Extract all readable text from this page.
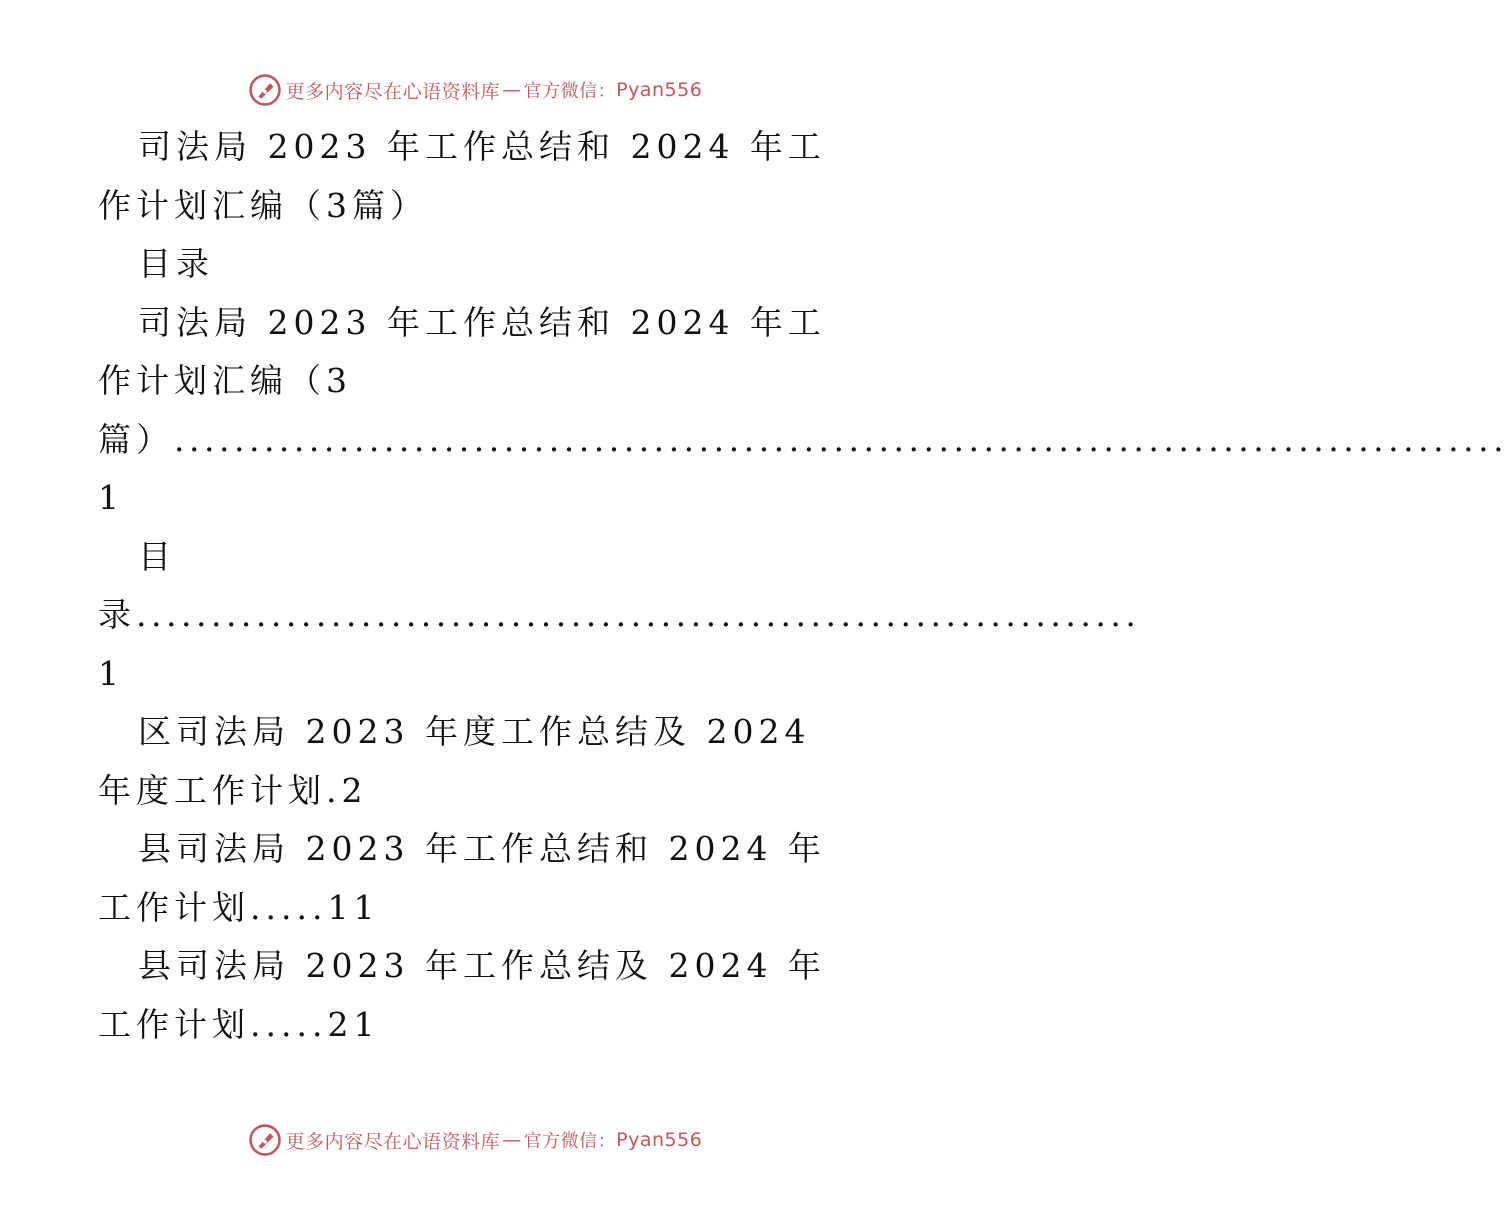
更多内容尽在心语资料库 — 官方微信： Pyan556

司法局 2023 年工作总结和 2024 年工作计划汇编（3篇）

目录

司法局 2023 年工作总结和 2024 年工作计划汇编（3 篇）.........................................................................................1

目 录...................................................................1

区司法局 2023 年度工作总结及 2024 年度工作计划.2

县司法局 2023 年工作总结和 2024 年工作计划.....11

县司法局 2023 年工作总结及 2024 年工作计划.....21

更多内容尽在心语资料库 — 官方微信： Pyan556
